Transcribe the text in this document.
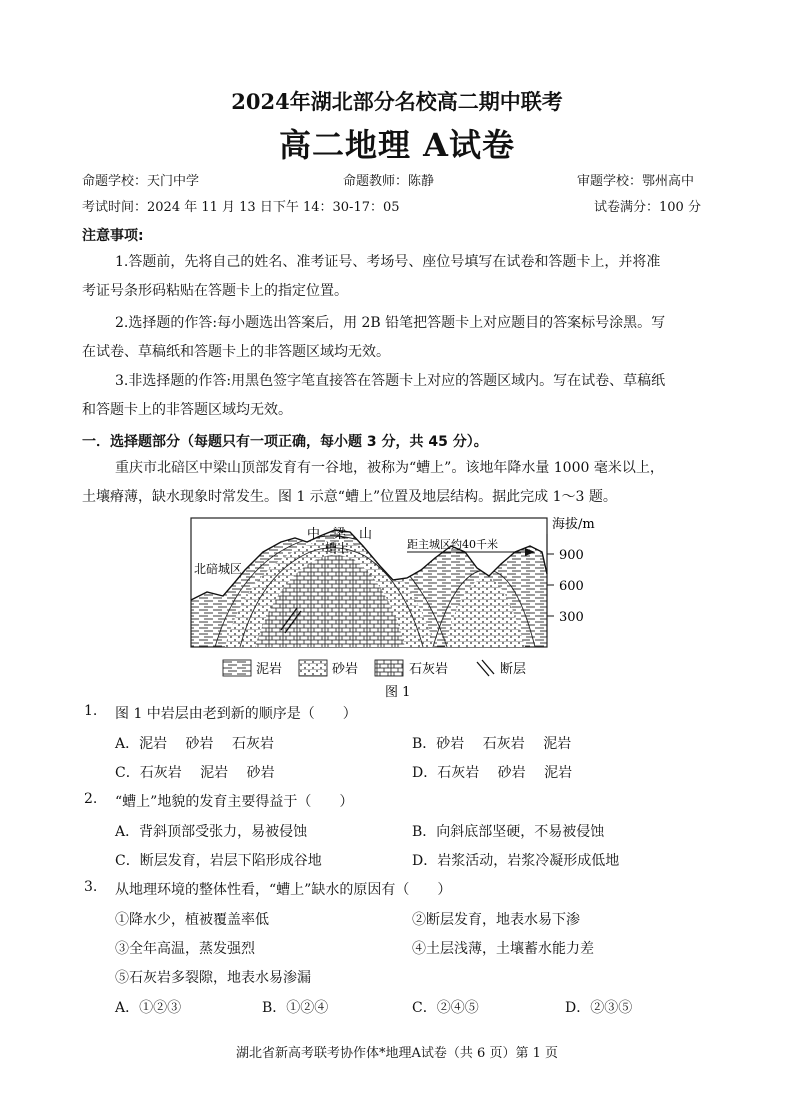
2024年湖北部分名校高二期中联考
高二地理 A试卷
命题学校：天门中学	命题教师：陈静	审题学校：鄂州高中
考试时间：2024 年 11 月 13 日下午 14：30-17：05	试卷满分：100 分
注意事项:
1.答题前，先将自己的姓名、准考证号、考场号、座位号填写在试卷和答题卡上，并将准
考证号条形码粘贴在答题卡上的指定位置。
2.选择题的作答:每小题选出答案后，用 2B 铅笔把答题卡上对应题目的答案标号涂黑。写
在试卷、草稿纸和答题卡上的非答题区域均无效。
3.非选择题的作答:用黑色签字笔直接答在答题卡上对应的答题区域内。写在试卷、草稿纸
和答题卡上的非答题区域均无效。
一．选择题部分（每题只有一项正确，每小题 3 分，共 45 分）。
重庆市北碚区中梁山顶部发育有一谷地，被称为“螬上”。该地年降水量 1000 毫米以上，
土壤瘠薄，缺水现象时常发生。图 1 示意“螬上”位置及地层结构。据此完成 1～3 题。
中　梁　山
螬上
北碚城区
距主城区约40千米
海拔/m
900
600
300
泥岩	砂岩	石灰岩	断层
图 1
1. 图 1 中岩层由老到新的顺序是（　　）
A．泥岩　 砂岩　 石灰岩	B．砂岩　 石灰岩　 泥岩
C．石灰岩　 泥岩　 砂岩	D．石灰岩　 砂岩　 泥岩
2. “螬上”地貌的发育主要得益于（　　）
A．背斜顶部受张力，易被侵蚀	B．向斜底部坚硬，不易被侵蚀
C．断层发育，岩层下陷形成谷地	D．岩浆活动，岩浆冷凝形成低地
3. 从地理环境的整体性看，“螬上”缺水的原因有（　　）
①降水少，植被覆盖率低	②断层发育，地表水易下渗
③全年高温，蒸发强烈	④土层浅薄，土壤蓄水能力差
⑤石灰岩多裂隙，地表水易渗漏
A．①②③	B．①②④	C．②④⑤	D．②③⑤
湖北省新高考联考协作体*地理A试卷（共 6 页）第 1 页
